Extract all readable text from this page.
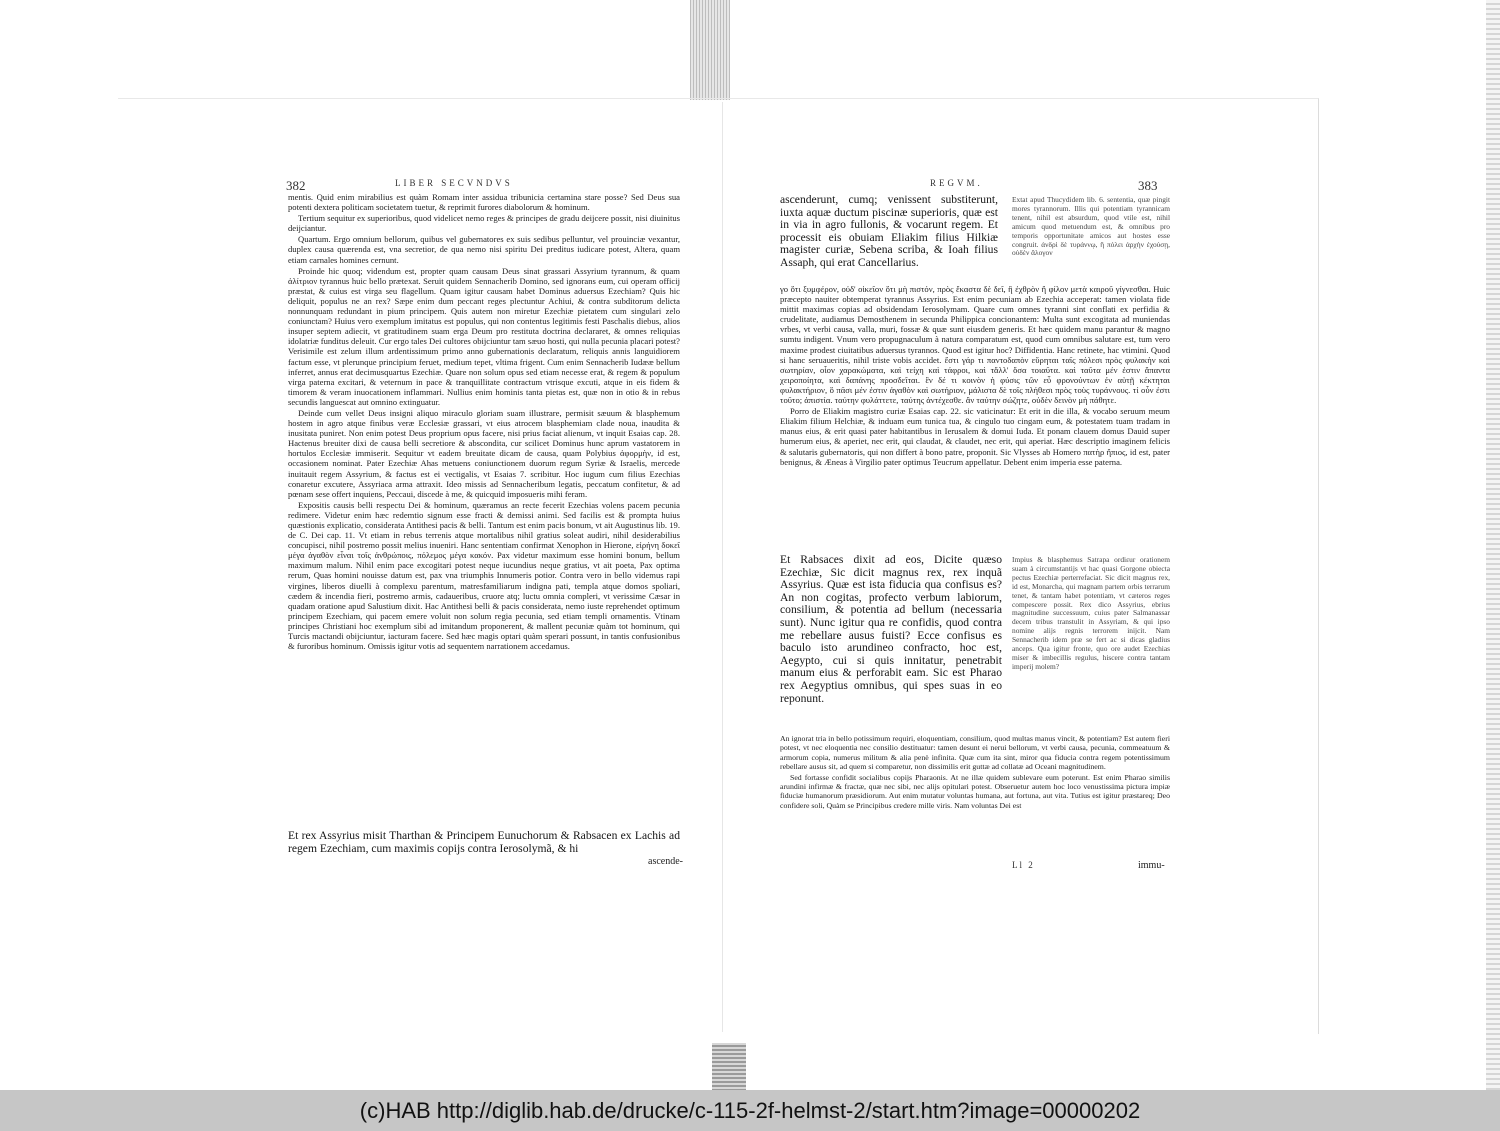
382	LIBER SECVNDVS

mentis. Quid enim mirabilius est quàm Romam inter assidua tribunicia certamina stare posse? Sed Deus sua potenti dextera politicam societatem tuetur, & reprimit furores diabolorum & hominum.

Tertium sequitur ex superioribus, quod videlicet nemo reges & principes de gradu deijcere possit, nisi diuinitus deijciantur.

Quartum. Ergo omnium bellorum, quibus vel gubernatores ex suis sedibus pelluntur, vel prouinciæ vexantur, duplex causa quærenda est, vna secretior, de qua nemo nisi spiritu Dei preditus iudicare potest, Altera, quam etiam carnales homines cernunt.

Proinde hic quoq; videndum est, propter quam causam Deus sinat grassari Assyrium tyrannum, & quam ἀλίτριον tyrannus huic bello prætexat. Seruit quidem Sennacherib Domino, sed ignorans eum, cui operam officij præstat, & cuius est virga seu flagellum. Quam igitur causam habet Dominus aduersus Ezechiam? Quis hic deliquit, populus ne an rex? Sæpe enim dum peccant reges plectuntur Achiui, & contra subditorum delicta nonnunquam redundant in pium principem. Quis autem non miretur Ezechiæ pietatem cum singulari zelo coniunctam? Huius vero exemplum imitatus est populus, qui non contentus legitimis festi Paschalis diebus, alios insuper septem adiecit, vt gratitudinem suam erga Deum pro restituta doctrina declararet, & omnes reliquias idolatriæ funditus deleuit. Cur ergo tales Dei cultores obijciuntur tam sæuo hosti, qui nulla pecunia placari potest? Verisimile est zelum illum ardentissimum primo anno gubernationis declaratum, reliquis annis languidiorem factum esse, vt plerunque principium feruet, medium tepet, vltima frigent. Cum enim Sennacherib Iudææ bellum inferret, annus erat decimusquartus Ezechiæ. Quare non solum opus sed etiam necesse erat, & regem & populum virga paterna excitari, & veternum in pace & tranquillitate contractum vtrisque excuti, atque in eis fidem & timorem & veram inuocationem inflammari. Nullius enim hominis tanta pietas est, quæ non in otio & in rebus secundis languescat aut omnino extinguatur.

Deinde cum vellet Deus insigni aliquo miraculo gloriam suam illustrare, permisit sæuum & blasphemum hostem in agro atque finibus veræ Ecclesiæ grassari, vt eius atrocem blasphemiam clade noua, inaudita & inusitata puniret. Non enim potest Deus proprium opus facere, nisi prius faciat alienum, vt inquit Esaias cap. 28. Hactenus breuiter dixi de causa belli secretiore & abscondita, cur scilicet Dominus hunc aprum vastatorem in hortulos Ecclesiæ immiserit. Sequitur vt eadem breuitate dicam de causa, quam Polybius ἀφορμὴν, id est, occasionem nominat. Pater Ezechiæ Ahas metuens coniunctionem duorum regum Syriæ & Israelis, mercede inuitauit regem Assyrium, & factus est ei vectigalis, vt Esaias 7. scribitur. Hoc iugum cum filius Ezechias conaretur excutere, Assyriaca arma attraxit. Ideo missis ad Sennacheribum legatis, peccatum confitetur, & ad pœnam sese offert inquiens, Peccaui, discede à me, & quicquid imposueris mihi feram.

Expositis causis belli respectu Dei & hominum, quæramus an recte fecerit Ezechias volens pacem pecunia redimere. Videtur enim hæc redemtio signum esse fracti & demissi animi. Sed facilis est & prompta huius quæstionis explicatio, considerata Antithesi pacis & belli. Tantum est enim pacis bonum, vt ait Augustinus lib. 19. de C. Dei cap. 11. Vt etiam in rebus terrenis atque mortalibus nihil gratius soleat audiri, nihil desiderabilius concupisci, nihil postremo possit melius inueniri. Hanc sententiam confirmat Xenophon in Hierone, εἰρήνη δοκεῖ μέγα ἀγαθὸν εἶναι τοῖς ἀνθρώποις, πόλεμος μέγα κακόν. Pax videtur maximum esse homini bonum, bellum maximum malum. Nihil enim pace excogitari potest neque iucundius neque gratius, vt ait poeta, Pax optima rerum, Quas homini nouisse datum est, pax vna triumphis Innumeris potior. Contra vero in bello videmus rapi virgines, liberos diuelli à complexu parentum, matresfamiliarum indigna pati, templa atque domos spoliari, cædem & incendia fieri, postremo armis, cadaueribus, cruore atq; luctu omnia compleri, vt verissime Cæsar in quadam oratione apud Salustium dixit. Hac Antithesi belli & pacis considerata, nemo iuste reprehendet optimum principem Ezechiam, qui pacem emere voluit non solum regia pecunia, sed etiam templi ornamentis. Vtinam principes Christiani hoc exemplum sibi ad imitandum proponerent, & mallent pecuniæ quàm tot hominum, qui Turcis mactandi obijciuntur, iacturam facere. Sed hæc magis optari quàm sperari possunt, in tantis confusionibus & furoribus hominum. Omissis igitur votis ad sequentem narrationem accedamus.

Et rex Assyrius misit Tharthan & Principem Eunuchorum & Rabsacen ex Lachis ad regem Ezechiam, cum maximis copijs contra Ierosolymã, & hi

ascende-
REGVM.	383

ascenderunt, cumq; venissent substiterunt, iuxta aquæ ductum piscinæ superioris, quæ est in via in agro fullonis, & vocarunt regem. Et processit eis obuiam Eliakim filius Hilkiæ magister curiæ, Sebena scriba, & Ioah filius Assaph, qui erat Cancellarius.

Extat apud Thucydidem lib. 6. sententia, quæ pingit mores tyrannorum. Illis qui potentiam tyrannicam tenent, nihil est absurdum, quod vtile est, nihil amicum quod metuendum est, & omnibus pro temporis opportunitate amicos aut hostes esse congruit. ἀνδρὶ δὲ τυράννῳ, ἢ πόλει ἀρχὴν ἐχούσῃ, οὐδὲν ἄλογον

γο ὅτι ξυμφέρον, οὐδ' οἰκεῖον ὅτι μὴ πιστόν, πρὸς ἕκαστα δὲ δεῖ, ἢ ἐχθρὸν ἢ φίλον μετὰ καιροῦ γίγνεσθαι. Huic præcepto nauiter obtemperat tyrannus Assyrius. Est enim pecuniam ab Ezechia acceperat: tamen violata fide mittit maximas copias ad obsidendam Ierosolymam. Quare cum omnes tyranni sint conflati ex perfidia & crudelitate, audiamus Demosthenem in secunda Philippica concionantem: Multa sunt excogitata ad muniendas vrbes, vt verbi causa, valla, muri, fossæ & quæ sunt eiusdem generis. Et hæc quidem manu parantur & magno sumtu indigent. Vnum vero propugnaculum à natura comparatum est, quod cum omnibus salutare est, tum vero maxime prodest ciuitatibus aduersus tyrannos. Quod est igitur hoc? Diffidentia. Hanc retinete, hac vtimini. Quod si hanc seruaueritis, nihil triste vobis accidet. ἔστι γάρ τι παντοδαπὸν εὕρηται ταῖς πόλεσι πρὸς φυλακὴν καὶ σωτηρίαν, οἷον χαρακώματα, καὶ τείχη καὶ τάφροι, καὶ τἄλλ' ὅσα τοιαῦτα. καὶ ταῦτα μέν ἐστιν ἅπαντα χειροποίητα, καὶ δαπάνης προσδεῖται. ἓν δέ τι κοινὸν ἡ φύσις τῶν εὖ φρονούντων ἐν αὑτῇ κέκτηται φυλακτήριον, ὃ πᾶσι μέν ἐστιν ἀγαθὸν καὶ σωτήριον, μάλιστα δὲ τοῖς πλήθεσι πρὸς τοὺς τυράννους. τί οὖν ἐστι τοῦτο; ἀπιστία. ταύτην φυλάττετε, ταύτης ἀντέχεσθε. ἂν ταύτην σώζητε, οὐδὲν δεινὸν μὴ πάθητε.

Porro de Eliakim magistro curiæ Esaias cap. 22. sic vaticinatur: Et erit in die illa, & vocabo seruum meum Eliakim filium Helchiæ, & induam eum tunica tua, & cingulo tuo cingam eum, & potestatem tuam tradam in manus eius, & erit quasi pater habitantibus in Ierusalem & domui Iuda. Et ponam clauem domus Dauid super humerum eius, & aperiet, nec erit, qui claudat, & claudet, nec erit, qui aperiat. Hæc descriptio imaginem felicis & salutaris gubernatoris, qui non differt à bono patre, proponit. Sic Vlysses ab Homero πατὴρ ἤπιος, id est, pater benignus, & Æneas à Virgilio pater optimus Teucrum appellatur. Debent enim imperia esse paterna.

Et Rabsaces dixit ad eos, Dicite quæso Ezechiæ, Sic dicit magnus rex, rex inquã Assyrius. Quæ est ista fiducia qua confisus es? An non cogitas, profecto verbum labiorum, consilium, & potentia ad bellum (necessaria sunt). Nunc igitur qua re confidis, quod contra me rebellare ausus fuisti? Ecce confisus es baculo isto arundineo confracto, hoc est, Aegypto, cui si quis innitatur, penetrabit manum eius & perforabit eam. Sic est Pharao rex Aegyptius omnibus, qui spes suas in eo reponunt.

Impius & blasphemus Satrapa ordiεur orationem suam à circumstantijs vt hac quasi Gorgone obiecta pectus Ezechiæ perterrefaciat. Sic dicit magnus rex, id est, Monarcha, qui magnam partem orbis terrarum tenet, & tantam habet potentiam, vt cæteros reges compescere possit. Rex dico Assyrius, ebrius magnitudine successuum, cuius pater Salmanassar decem tribus transtulit in Assyriam, & qui ipso nomine alijs regnis terrorem inijcit. Nam Sennacherib idem præ se fert ac si dicas gladius anceps. Qua igitur fronte, quo ore audet Ezechias miser & imbecillis regulus, hiscere contra tantam imperij molem?

An ignorat tria in bello potissimum requiri, eloquentiam, consilium, quod multas manus vincit, & potentiam? Est autem fieri potest, vt nec eloquentia nec consilio destituatur: tamen desunt ei nerui bellorum, vt verbi causa, pecunia, commeatuum & armorum copia, numerus militum & alia penè infinita. Quæ cum ita sint, miror qua fiducia contra regem potentissimum rebellare ausus sit, ad quem si comparetur, non dissimilis erit guttæ ad collatæ ad Oceani magnitudinem.

Sed fortasse confidit socialibus copijs Pharaonis. At ne illæ quidem sublevare eum poterunt. Est enim Pharao similis arundini infirmæ & fractæ, quæ nec sibi, nec alijs opitulari potest. Obseruetur autem hoc loco venustissima pictura impiæ fiduciæ humanorum præsidiorum. Aut enim mutatur voluntas humana, aut fortuna, aut vita. Tutius est igitur præstareq; Deo confidere soli, Quàm se Principibus credere mille viris. Nam voluntas Dei est

Ll 2	immu-
(c)HAB http://diglib.hab.de/drucke/c-115-2f-helmst-2/start.htm?image=00000202
